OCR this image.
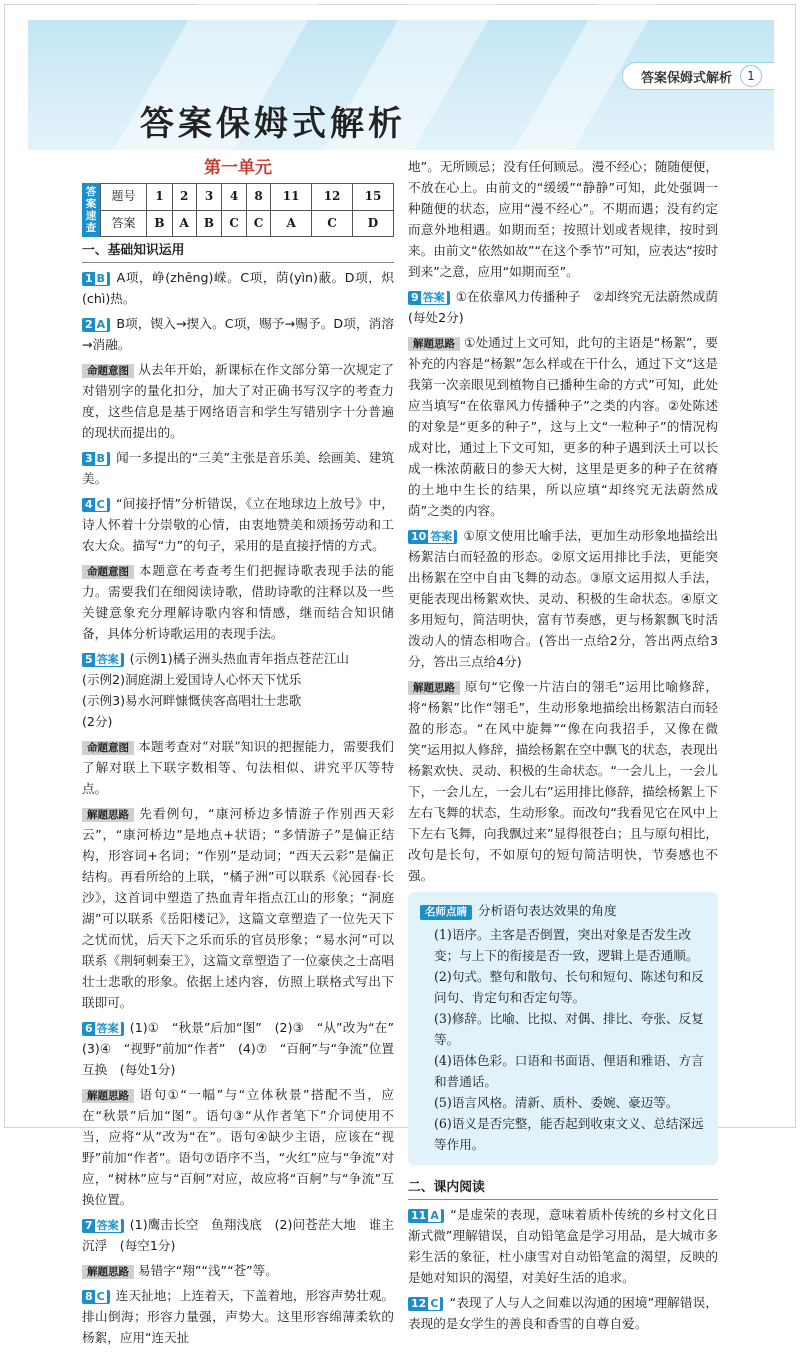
答案保姆式解析	1
答案保姆式解析
第一单元
答案速查
题号	1	2	3	4	8	11	12	15
答案	B	A	B	C	C	A	C	D
一、基础知识运用
1 B A项，峥(zhēng)嵘。C项，荫(yìn)蔽。D项，炽(chì)热。
2 A B项，锲入→揳入。C项，赐予→赐予。D项，消溶→消融。
命题意图 从去年开始，新课标在作文部分第一次规定了对错别字的量化扣分，加大了对正确书写汉字的考查力度，这些信息是基于网络语言和学生写错别字十分普遍的现状而提出的。
3 B 闻一多提出的“三美”主张是音乐美、绘画美、建筑美。
4 C “间接抒情”分析错误，《立在地球边上放号》中，诗人怀着十分崇敬的心情，由衷地赞美和颂扬劳动和工农大众。描写“力”的句子，采用的是直接抒情的方式。
命题意图 本题意在考查考生们把握诗歌表现手法的能力。需要我们在细阅读诗歌，借助诗歌的注释以及一些关键意象充分理解诗歌内容和情感，继而结合知识储备，具体分析诗歌运用的表现手法。
5 答案 (示例1)橘子洲头热血青年指点苍茫江山
(示例2)洞庭湖上爱国诗人心怀天下忧乐
(示例3)易水河畔慷慨侠客高唱壮士悲歌
(2分)
命题意图 本题考查对“对联”知识的把握能力，需要我们了解对联上下联字数相等、句法相似、讲究平仄等特点。
解题思路 先看例句，“康河桥边多情游子作别西天彩云”，“康河桥边”是地点+状语；“多情游子”是偏正结构，形容词+名词；“作别”是动词；“西天云彩”是偏正结构。再看所给的上联，“橘子洲”可以联系《沁园春·长沙》，这首词中塑造了热血青年指点江山的形象；“洞庭湖”可以联系《岳阳楼记》，这篇文章塑造了一位先天下之忧而忧，后天下之乐而乐的官员形象；“易水河”可以联系《荆轲刺秦王》，这篇文章塑造了一位豪侠之士高唱壮士悲歌的形象。依据上述内容，仿照上联格式写出下联即可。
6 答案 (1)①　“秋景”后加“图”　(2)③　“从”改为“在”　(3)④　“视野”前加“作者”　(4)⑦　“百舸”与“争流”位置互换　(每处1分)
解题思路 语句①“一幅”与“立体秋景”搭配不当，应在“秋景”后加“图”。语句③“从作者笔下”介词使用不当，应将“从”改为“在”。语句④缺少主语，应该在“视野”前加“作者”。语句⑦语序不当，“火红”应与“争流”对应，“树林”应与“百舸”对应，故应将“百舸”与“争流”互换位置。
7 答案 (1)鹰击长空　鱼翔浅底　(2)问苍茫大地　谁主沉浮　(每空1分)
解题思路 易错字“翔”“浅”“苍”等。
8 C 连天扯地；上连着天，下盖着地，形容声势壮观。排山倒海；形容力量强，声势大。这里形容绵薄柔软的杨絮，应用“连天扯
地”。无所顾忌；没有任何顾忌。漫不经心；随随便便，不放在心上。由前文的“缓缓”“静静”可知，此处强调一种随便的状态，应用“漫不经心”。不期而遇；没有约定而意外地相遇。如期而至；按照计划或者规律，按时到来。由前文“依然如故”“在这个季节”可知，应表达“按时到来”之意，应用“如期而至”。
9 答案 ①在依靠风力传播种子　②却终究无法蔚然成荫(每处2分)
解题思路 ①处通过上文可知，此句的主语是“杨絮”，要补充的内容是“杨絮”怎么样或在干什么，通过下文“这是我第一次亲眼见到植物自已播种生命的方式”可知，此处应当填写“在依靠风力传播种子”之类的内容。②处陈述的对象是“更多的种子”，这与上文“一粒种子”的情况构成对比，通过上下文可知，更多的种子遇到沃土可以长成一株浓荫蔽日的参天大树，这里是更多的种子在贫瘠的土地中生长的结果，所以应填“却终究无法蔚然成荫”之类的内容。
10 答案 ①原文使用比喻手法，更加生动形象地描绘出杨絮洁白而轻盈的形态。②原文运用排比手法，更能突出杨絮在空中自由飞舞的动态。③原文运用拟人手法，更能表现出杨絮欢快、灵动、积极的生命状态。④原文多用短句，简洁明快，富有节奏感，更与杨絮飘飞时活泼动人的情态相吻合。(答出一点给2分，答出两点给3分，答出三点给4分)
解题思路 原句“它像一片洁白的翎毛”运用比喻修辞，将“杨絮”比作“翎毛”，生动形象地描绘出杨絮洁白而轻盈的形态。“在风中旋舞”“像在向我招手，又像在微笑”运用拟人修辞，描绘杨絮在空中飘飞的状态，表现出杨絮欢快、灵动、积极的生命状态。“一会儿上，一会儿下，一会儿左，一会儿右”运用排比修辞，描绘杨絮上下左右飞舞的状态，生动形象。而改句“我看见它在风中上下左右飞舞，向我飘过来”显得很苍白；且与原句相比，改句是长句，不如原句的短句简洁明快，节奏感也不强。
名师点睛 分析语句表达效果的角度
(1)语序。主客是否倒置，突出对象是否发生改变；与上下的衔接是否一致，逻辑上是否通顺。
(2)句式。整句和散句、长句和短句、陈述句和反问句、肯定句和否定句等。
(3)修辞。比喻、比拟、对偶、排比、夸张、反复等。
(4)语体色彩。口语和书面语、俚语和雅语、方言和普通话。
(5)语言风格。清新、质朴、委婉、豪迈等。
(6)语义是否完整，能否起到收束文义、总结深远等作用。
二、课内阅读
11 A “是虚荣的表现，意味着质朴传统的乡村文化日渐式微”理解错误，自动铅笔盒是学习用品，是大城市多彩生活的象征，杜小康雪对自动铅笔盒的渴望，反映的是她对知识的渴望，对美好生活的追求。
12 C “表现了人与人之间难以沟通的困境”理解错误，表现的是女学生的善良和香雪的自尊自爱。
